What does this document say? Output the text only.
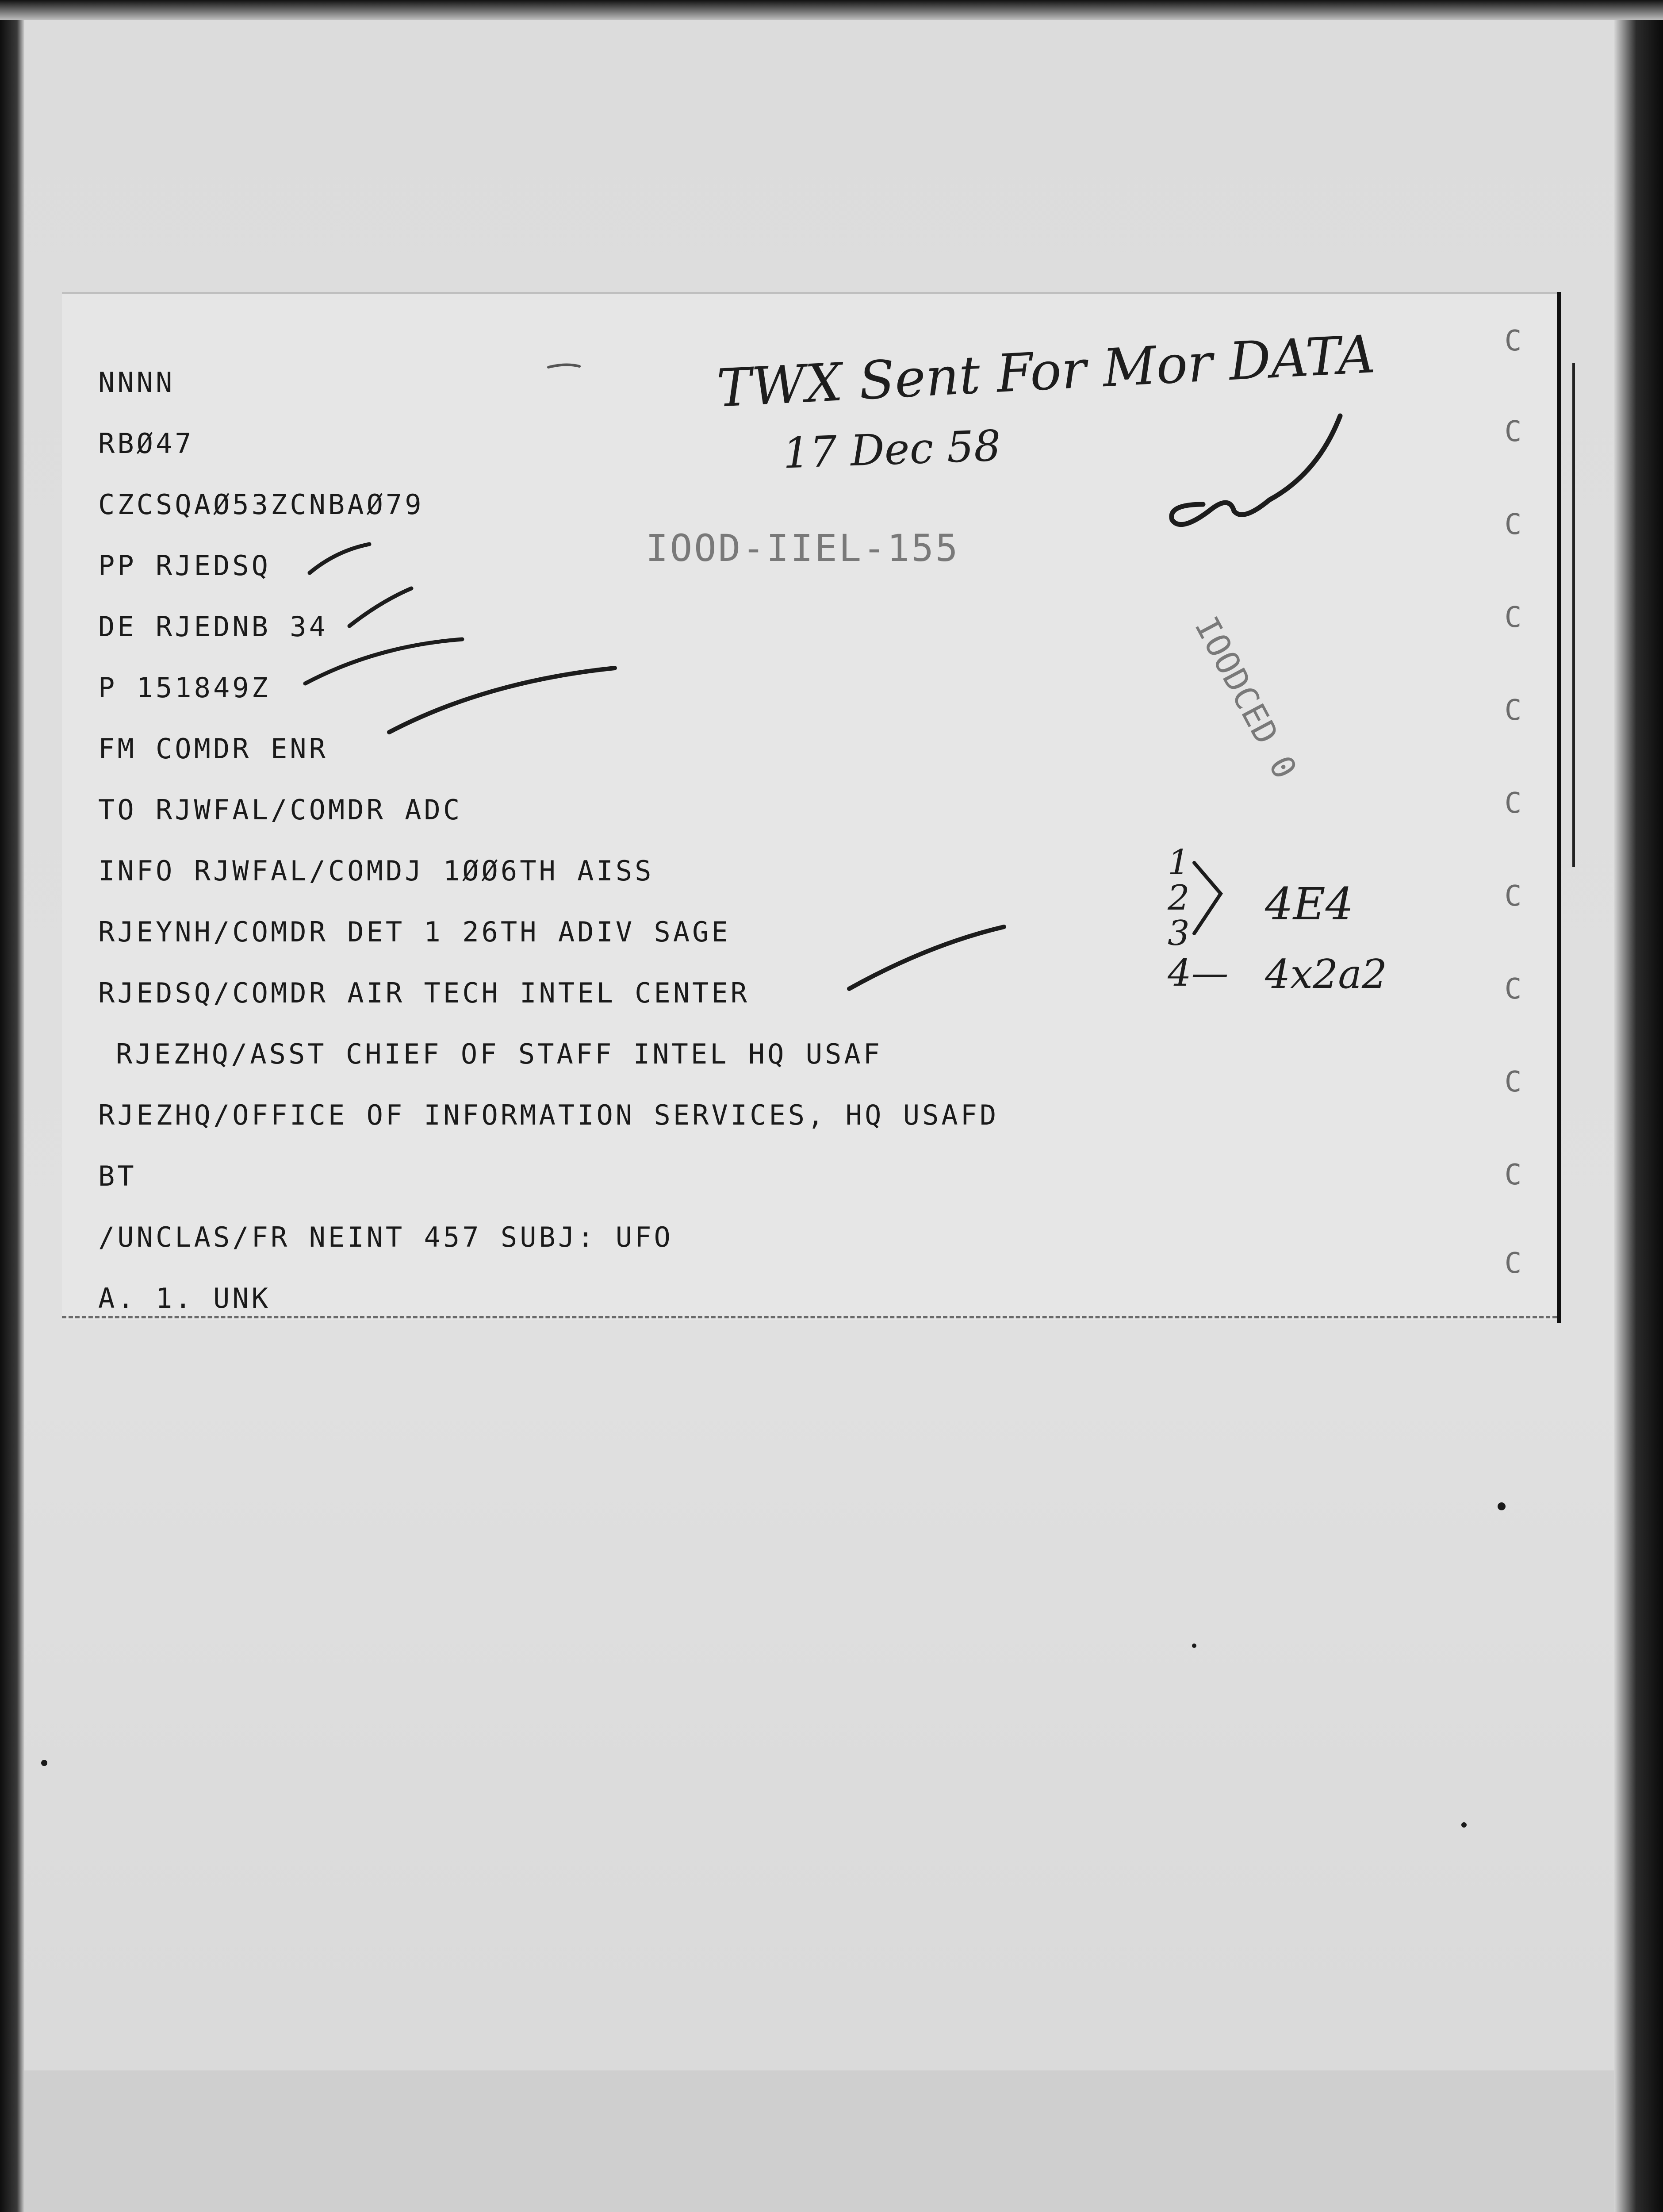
C
C
C
C
C
C
C
C
C
C
C
IOOD-IIEL-155
IOODCED 0
NNNN
RBØ47
CZCSQAØ53ZCNBAØ79
PP RJEDSQ
DE RJEDNB 34
P 151849Z
FM COMDR ENR
TO RJWFAL/COMDR ADC
INFO RJWFAL/COMDJ 1ØØ6TH AISS
RJEYNH/COMDR DET 1 26TH ADIV SAGE
RJEDSQ/COMDR AIR TECH INTEL CENTER
RJEZHQ/ASST CHIEF OF STAFF INTEL HQ USAF
RJEZHQ/OFFICE OF INFORMATION SERVICES, HQ USAFD
BT
/UNCLAS/FR NEINT 457 SUBJ: UFO
A. 1. UNK
TWX Sent For Mor DATA
17 Dec 58
1
2
3
4—
4E4
4x2a2
